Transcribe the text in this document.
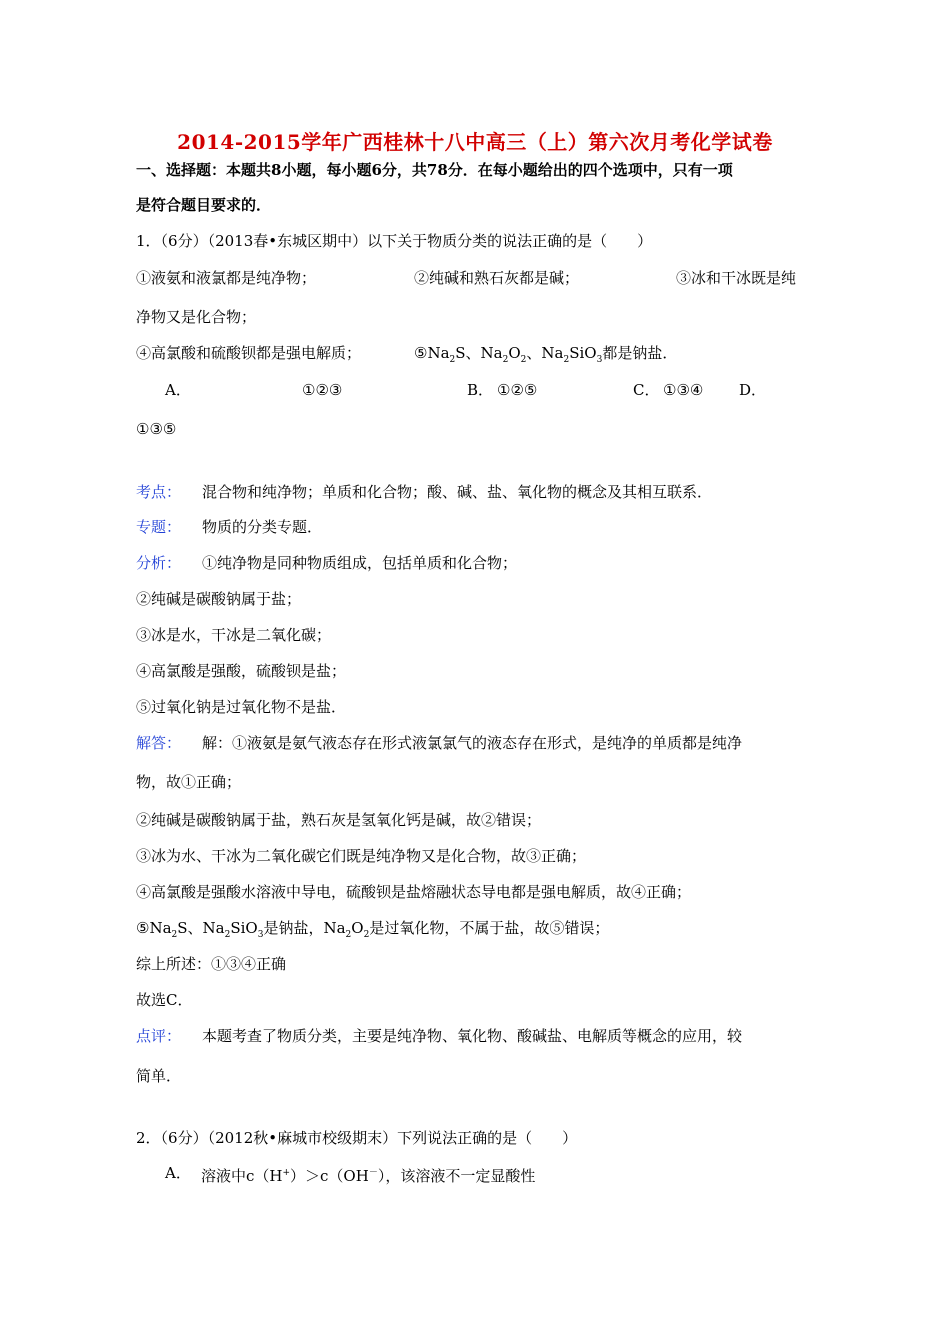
2014-2015学年广西桂林十八中高三（上）第六次月考化学试卷
一、选择题：本题共8小题，每小题6分，共78分．在每小题给出的四个选项中，只有一项
是符合题目要求的．
1．（6分）（2013春•东城区期中）以下关于物质分类的说法正确的是（　　）
①液氨和液氯都是纯净物；	②纯碱和熟石灰都是碱；	③冰和干冰既是纯
净物又是化合物；
④高氯酸和硫酸钡都是强电解质；	$⑤Na_2S$、$Na_2O_2$、$Na_2SiO_3$都是钠盐．
A．	①②③	B． ①②⑤	C． ①③④ D．
①③⑤
考点： 混合物和纯净物；单质和化合物；酸、碱、盐、氧化物的概念及其相互联系．
专题： 物质的分类专题．
分析： ①纯净物是同种物质组成，包括单质和化合物；
②纯碱是碳酸钠属于盐；
③冰是水，干冰是二氧化碳；
④高氯酸是强酸，硫酸钡是盐；
⑤过氧化钠是过氧化物不是盐．
解答： 解：①液氨是氨气液态存在形式液氯氯气的液态存在形式，是纯净的单质都是纯净
物，故①正确；
②纯碱是碳酸钠属于盐，熟石灰是氢氧化钙是碱，故②错误；
③冰为水、干冰为二氧化碳它们既是纯净物又是化合物，故③正确；
④高氯酸是强酸水溶液中导电，硫酸钡是盐熔融状态导电都是强电解质，故④正确；
$⑤Na_2S$、$Na_2SiO_3$是钠盐，$Na_2O_2$是过氧化物，不属于盐，故⑤错误；
综上所述：①③④正确
故选C．
点评： 本题考查了物质分类，主要是纯净物、氧化物、酸碱盐、电解质等概念的应用，较
简单．
2．（6分）（2012秋•麻城市校级期末）下列说法正确的是（　　）
A． 溶液中c（H+）＞c（OH－），该溶液不一定显酸性
